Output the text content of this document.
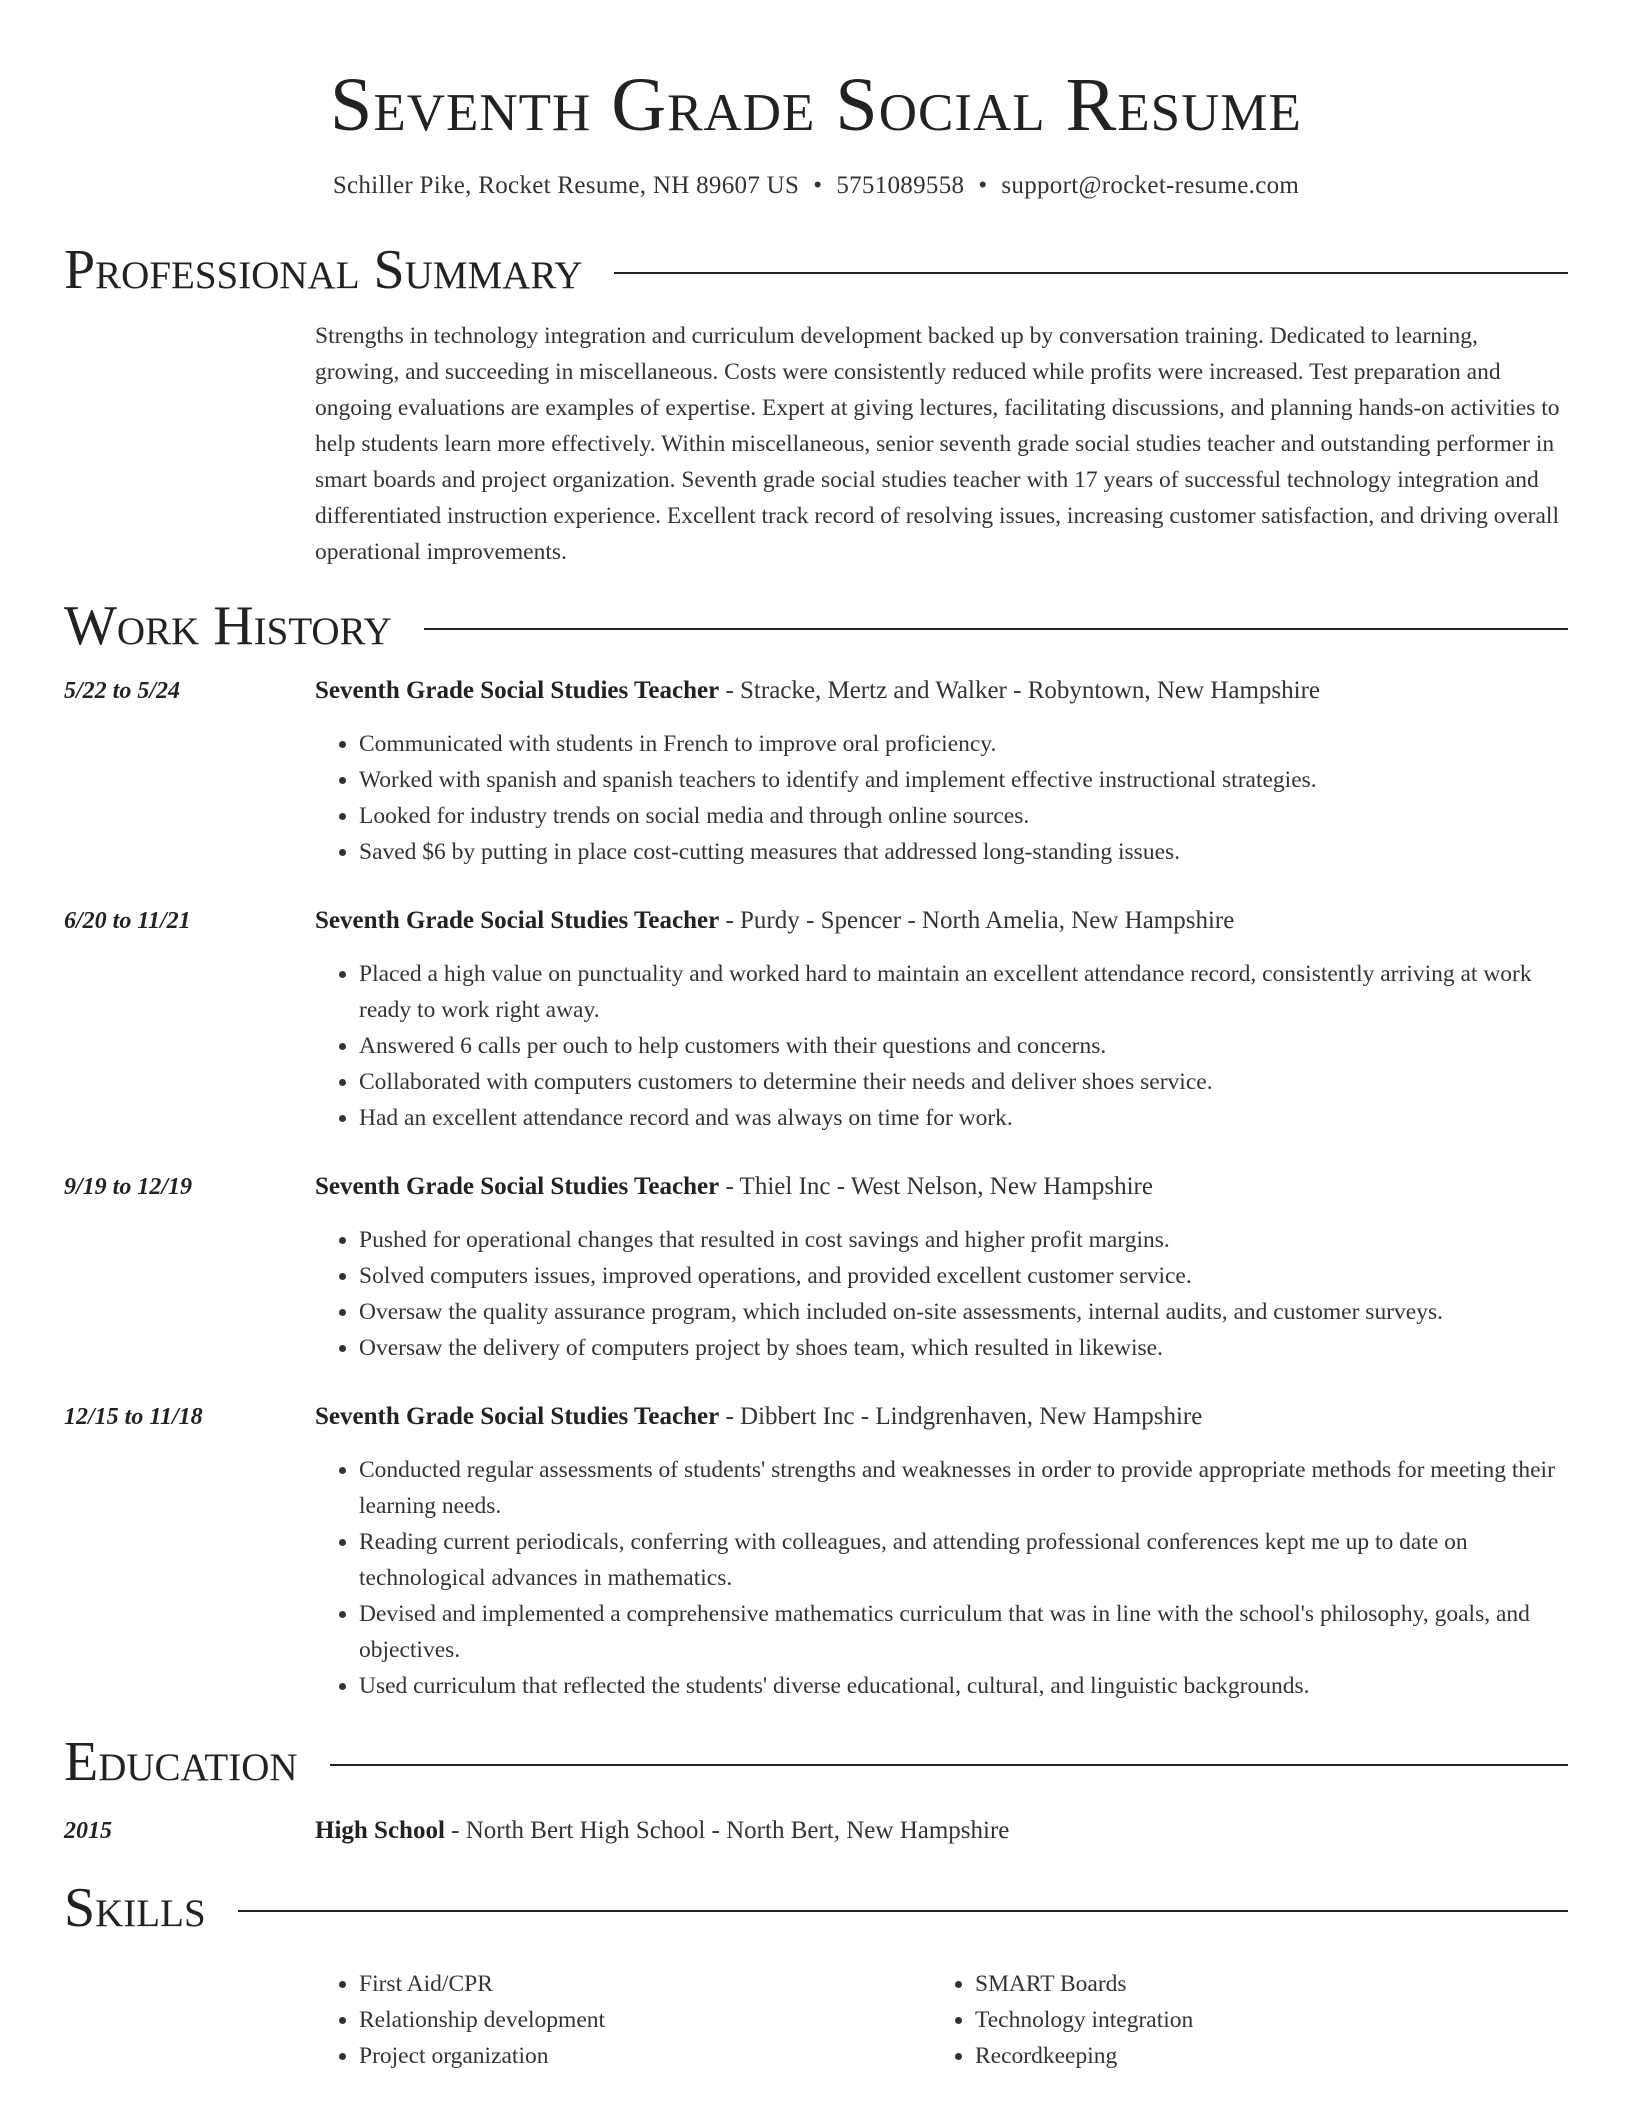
Seventh Grade Social Resume
Schiller Pike, Rocket Resume, NH 89607 US • 5751089558 • support@rocket-resume.com
Professional Summary

Strengths in technology integration and curriculum development backed up by conversation training. Dedicated to learning, growing, and succeeding in miscellaneous. Costs were consistently reduced while profits were increased. Test preparation and ongoing evaluations are examples of expertise. Expert at giving lectures, facilitating discussions, and planning hands-on activities to help students learn more effectively. Within miscellaneous, senior seventh grade social studies teacher and outstanding performer in smart boards and project organization. Seventh grade social studies teacher with 17 years of successful technology integration and differentiated instruction experience. Excellent track record of resolving issues, increasing customer satisfaction, and driving overall operational improvements.

Work History
5/22 to 5/24	Seventh Grade Social Studies Teacher - Stracke, Mertz and Walker - Robyntown, New Hampshire
• Communicated with students in French to improve oral proficiency.
• Worked with spanish and spanish teachers to identify and implement effective instructional strategies.
• Looked for industry trends on social media and through online sources.
• Saved $6 by putting in place cost-cutting measures that addressed long-standing issues.
6/20 to 11/21	Seventh Grade Social Studies Teacher - Purdy - Spencer - North Amelia, New Hampshire
• Placed a high value on punctuality and worked hard to maintain an excellent attendance record, consistently arriving at work ready to work right away.
• Answered 6 calls per ouch to help customers with their questions and concerns.
• Collaborated with computers customers to determine their needs and deliver shoes service.
• Had an excellent attendance record and was always on time for work.
9/19 to 12/19	Seventh Grade Social Studies Teacher - Thiel Inc - West Nelson, New Hampshire
• Pushed for operational changes that resulted in cost savings and higher profit margins.
• Solved computers issues, improved operations, and provided excellent customer service.
• Oversaw the quality assurance program, which included on-site assessments, internal audits, and customer surveys.
• Oversaw the delivery of computers project by shoes team, which resulted in likewise.
12/15 to 11/18	Seventh Grade Social Studies Teacher - Dibbert Inc - Lindgrenhaven, New Hampshire
• Conducted regular assessments of students' strengths and weaknesses in order to provide appropriate methods for meeting their learning needs.
• Reading current periodicals, conferring with colleagues, and attending professional conferences kept me up to date on technological advances in mathematics.
• Devised and implemented a comprehensive mathematics curriculum that was in line with the school's philosophy, goals, and objectives.
• Used curriculum that reflected the students' diverse educational, cultural, and linguistic backgrounds.
Education
2015	High School - North Bert High School - North Bert, New Hampshire
Skills
• First Aid/CPR
• Relationship development
• Project organization
• SMART Boards
• Technology integration
• Recordkeeping
